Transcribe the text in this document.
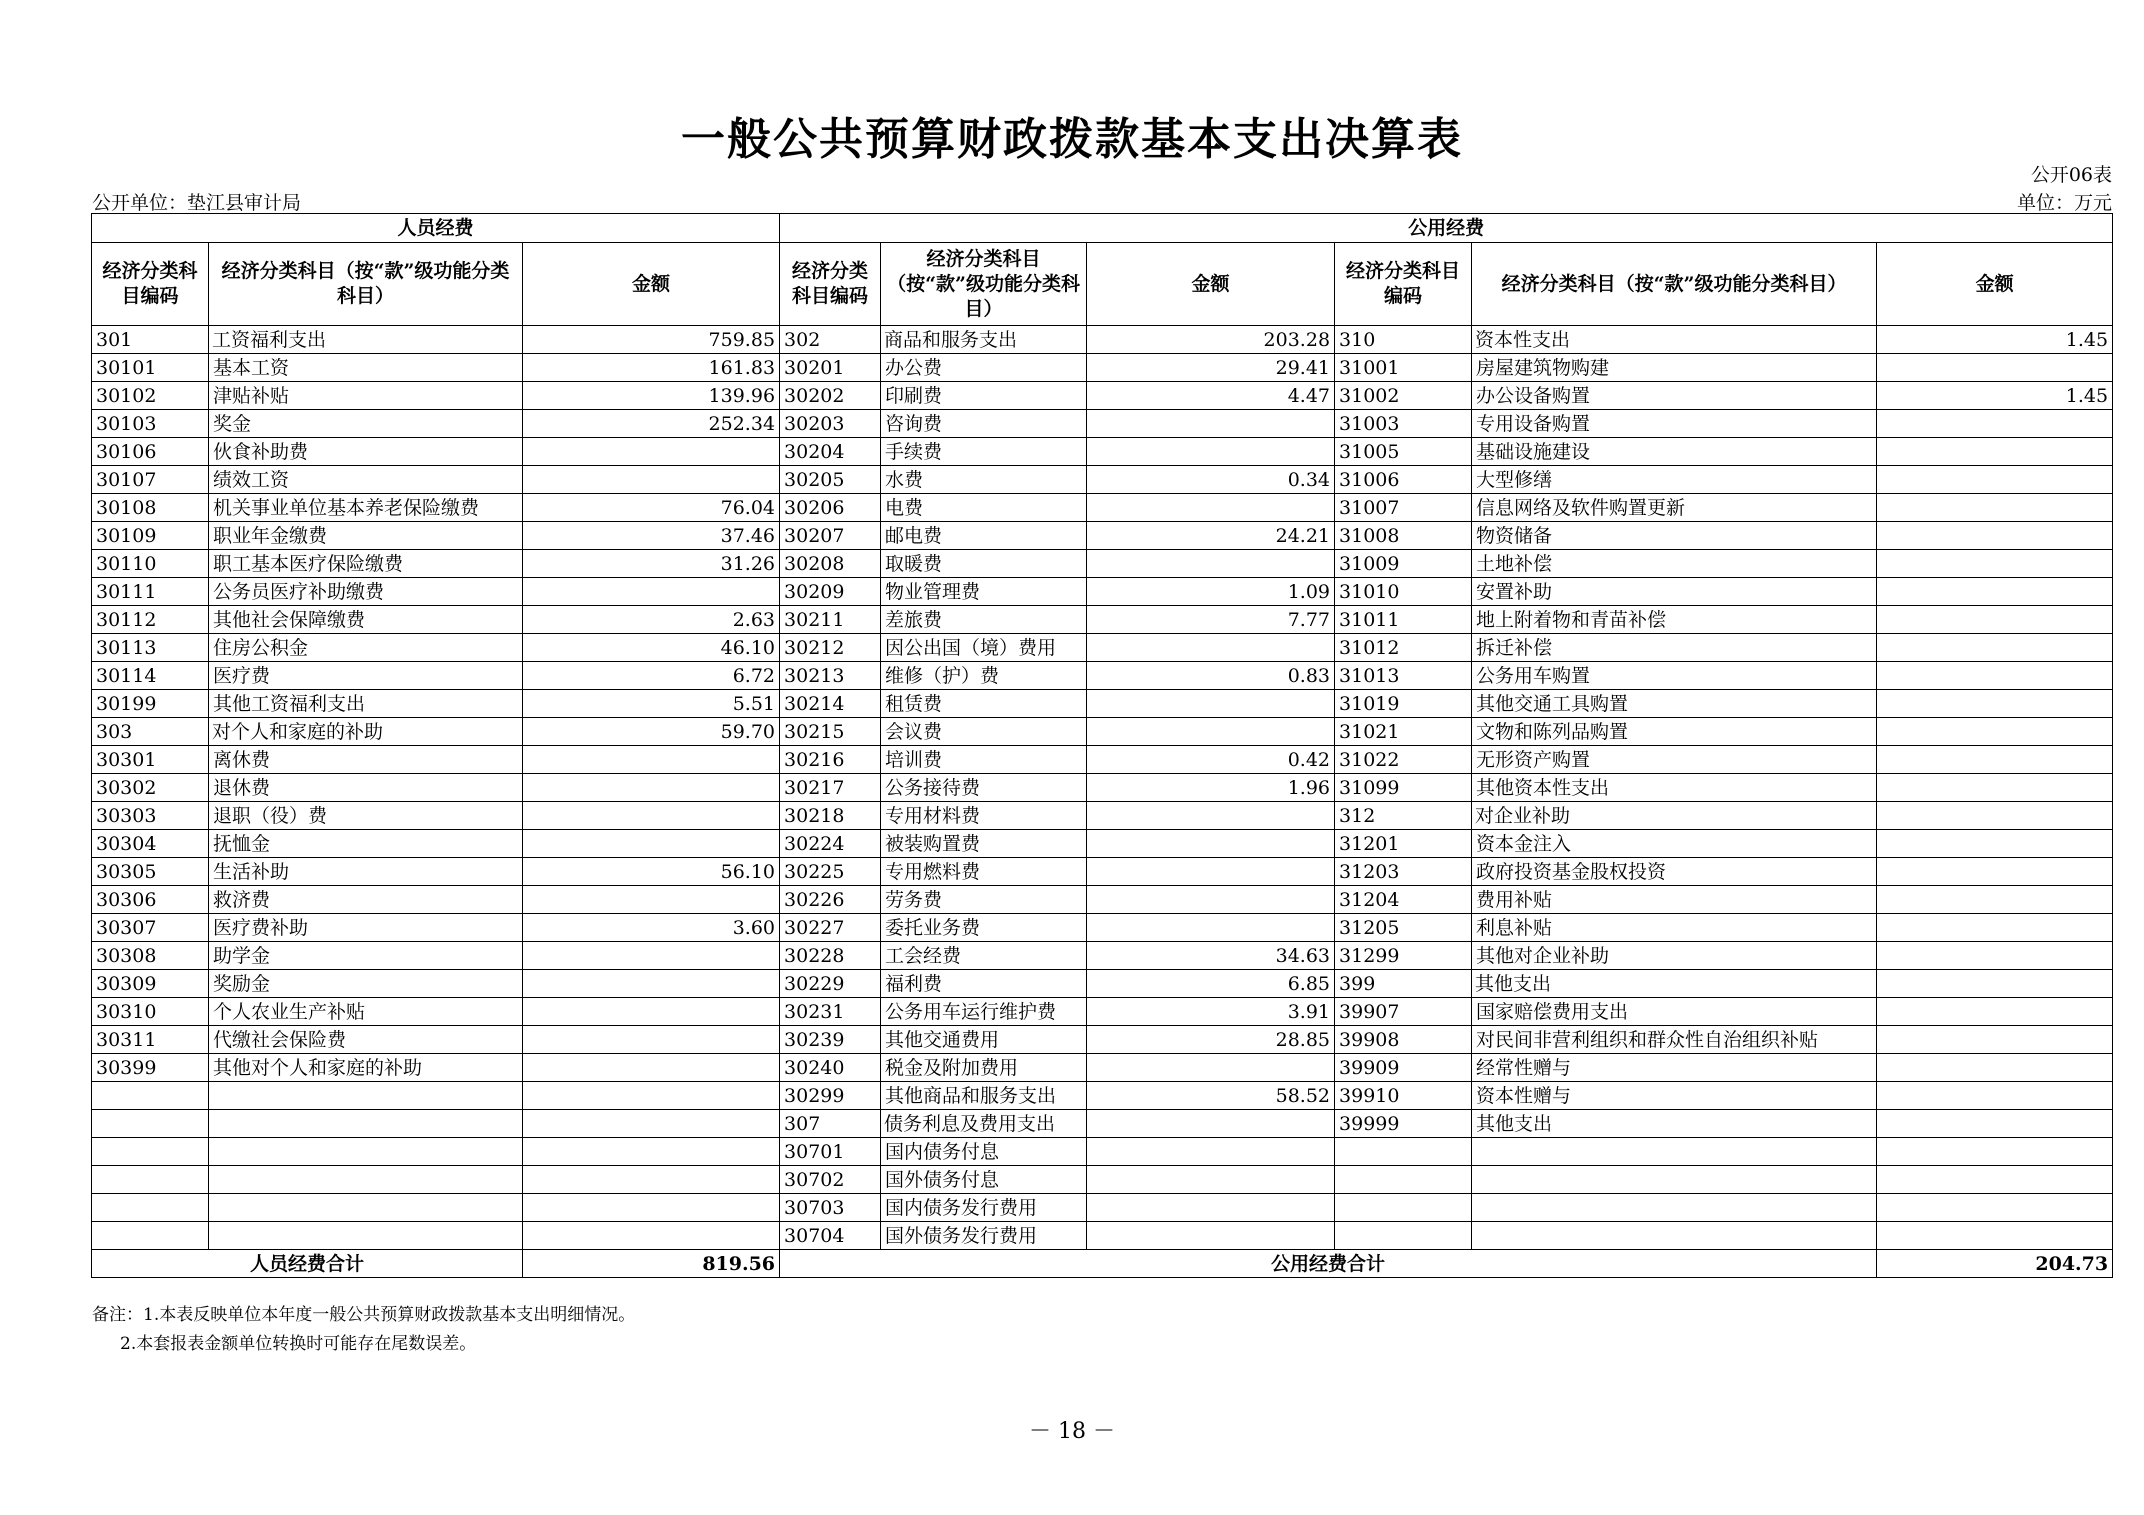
一般公共预算财政拨款基本支出决算表
公开06表
公开单位：垫江县审计局	单位：万元
人员经费			公用经费					
经济分类科目编码	经济分类科目（按“款”级功能分类科目）	金额	经济分类科目编码	经济分类科目（按“款”级功能分类科目）	金额	经济分类科目编码	经济分类科目（按“款”级功能分类科目）	金额
301	工资福利支出	759.85	302	商品和服务支出	203.28	310	资本性支出	1.45
30101	基本工资	161.83	30201	办公费	29.41	31001	房屋建筑物购建	
30102	津贴补贴	139.96	30202	印刷费	4.47	31002	办公设备购置	1.45
30103	奖金	252.34	30203	咨询费		31003	专用设备购置	
30106	伙食补助费		30204	手续费		31005	基础设施建设	
30107	绩效工资		30205	水费	0.34	31006	大型修缮	
30108	机关事业单位基本养老保险缴费	76.04	30206	电费		31007	信息网络及软件购置更新	
30109	职业年金缴费	37.46	30207	邮电费	24.21	31008	物资储备	
30110	职工基本医疗保险缴费	31.26	30208	取暖费		31009	土地补偿	
30111	公务员医疗补助缴费		30209	物业管理费	1.09	31010	安置补助	
30112	其他社会保障缴费	2.63	30211	差旅费	7.77	31011	地上附着物和青苗补偿	
30113	住房公积金	46.10	30212	因公出国（境）费用		31012	拆迁补偿	
30114	医疗费	6.72	30213	维修（护）费	0.83	31013	公务用车购置	
30199	其他工资福利支出	5.51	30214	租赁费		31019	其他交通工具购置	
303	对个人和家庭的补助	59.70	30215	会议费		31021	文物和陈列品购置	
30301	离休费		30216	培训费	0.42	31022	无形资产购置	
30302	退休费		30217	公务接待费	1.96	31099	其他资本性支出	
30303	退职（役）费		30218	专用材料费		312	对企业补助	
30304	抚恤金		30224	被装购置费		31201	资本金注入	
30305	生活补助	56.10	30225	专用燃料费		31203	政府投资基金股权投资	
30306	救济费		30226	劳务费		31204	费用补贴	
30307	医疗费补助	3.60	30227	委托业务费		31205	利息补贴	
30308	助学金		30228	工会经费	34.63	31299	其他对企业补助	
30309	奖励金		30229	福利费	6.85	399	其他支出	
30310	个人农业生产补贴		30231	公务用车运行维护费	3.91	39907	国家赔偿费用支出	
30311	代缴社会保险费		30239	其他交通费用	28.85	39908	对民间非营利组织和群众性自治组织补贴	
30399	其他对个人和家庭的补助		30240	税金及附加费用		39909	经常性赠与	
			30299	其他商品和服务支出	58.52	39910	资本性赠与	
			307	债务利息及费用支出		39999	其他支出	
			30701	国内债务付息				
			30702	国外债务付息				
			30703	国内债务发行费用				
			30704	国外债务发行费用				
人员经费合计		819.56	公用经费合计					204.73
备注：1.本表反映单位本年度一般公共预算财政拨款基本支出明细情况。
2.本套报表金额单位转换时可能存在尾数误差。
－ 18 －
